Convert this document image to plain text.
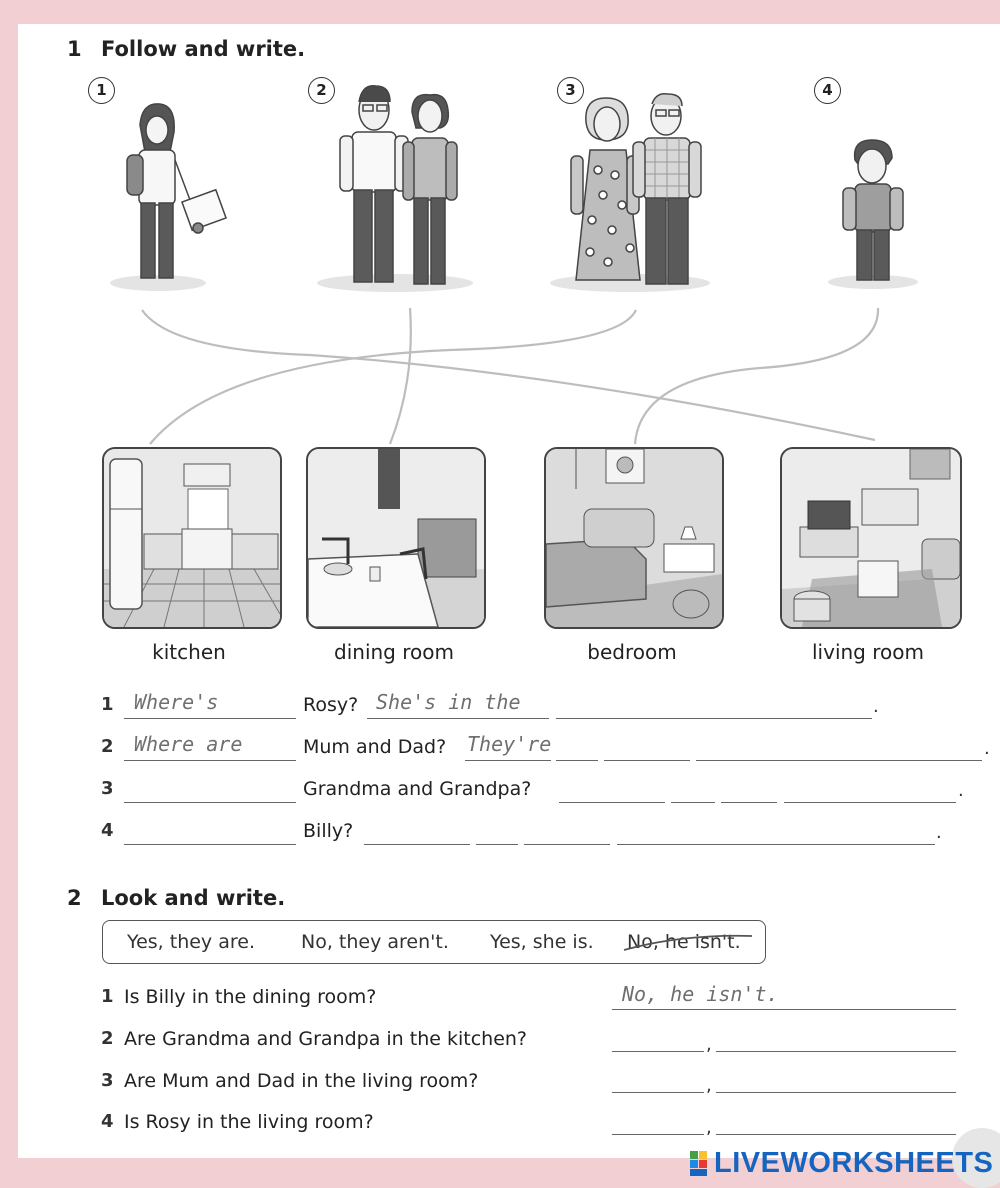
1 Follow and write.
1	2	3	4
kitchen	dining room	bedroom	living room
1 Where's	Rosy? She's in the	.
2 Where are	Mum and Dad? They're	.
3	Grandma and Grandpa?	.
4	Billy?	.
2 Look and write.
Yes, they are. No, they aren't. Yes, she is. No, he isn't.
1 Is Billy in the dining room?	No, he isn't.
2 Are Grandma and Grandpa in the kitchen?	,
3 Are Mum and Dad in the living room?	,
4 Is Rosy in the living room?	,
LIVEWORKSHEETS
